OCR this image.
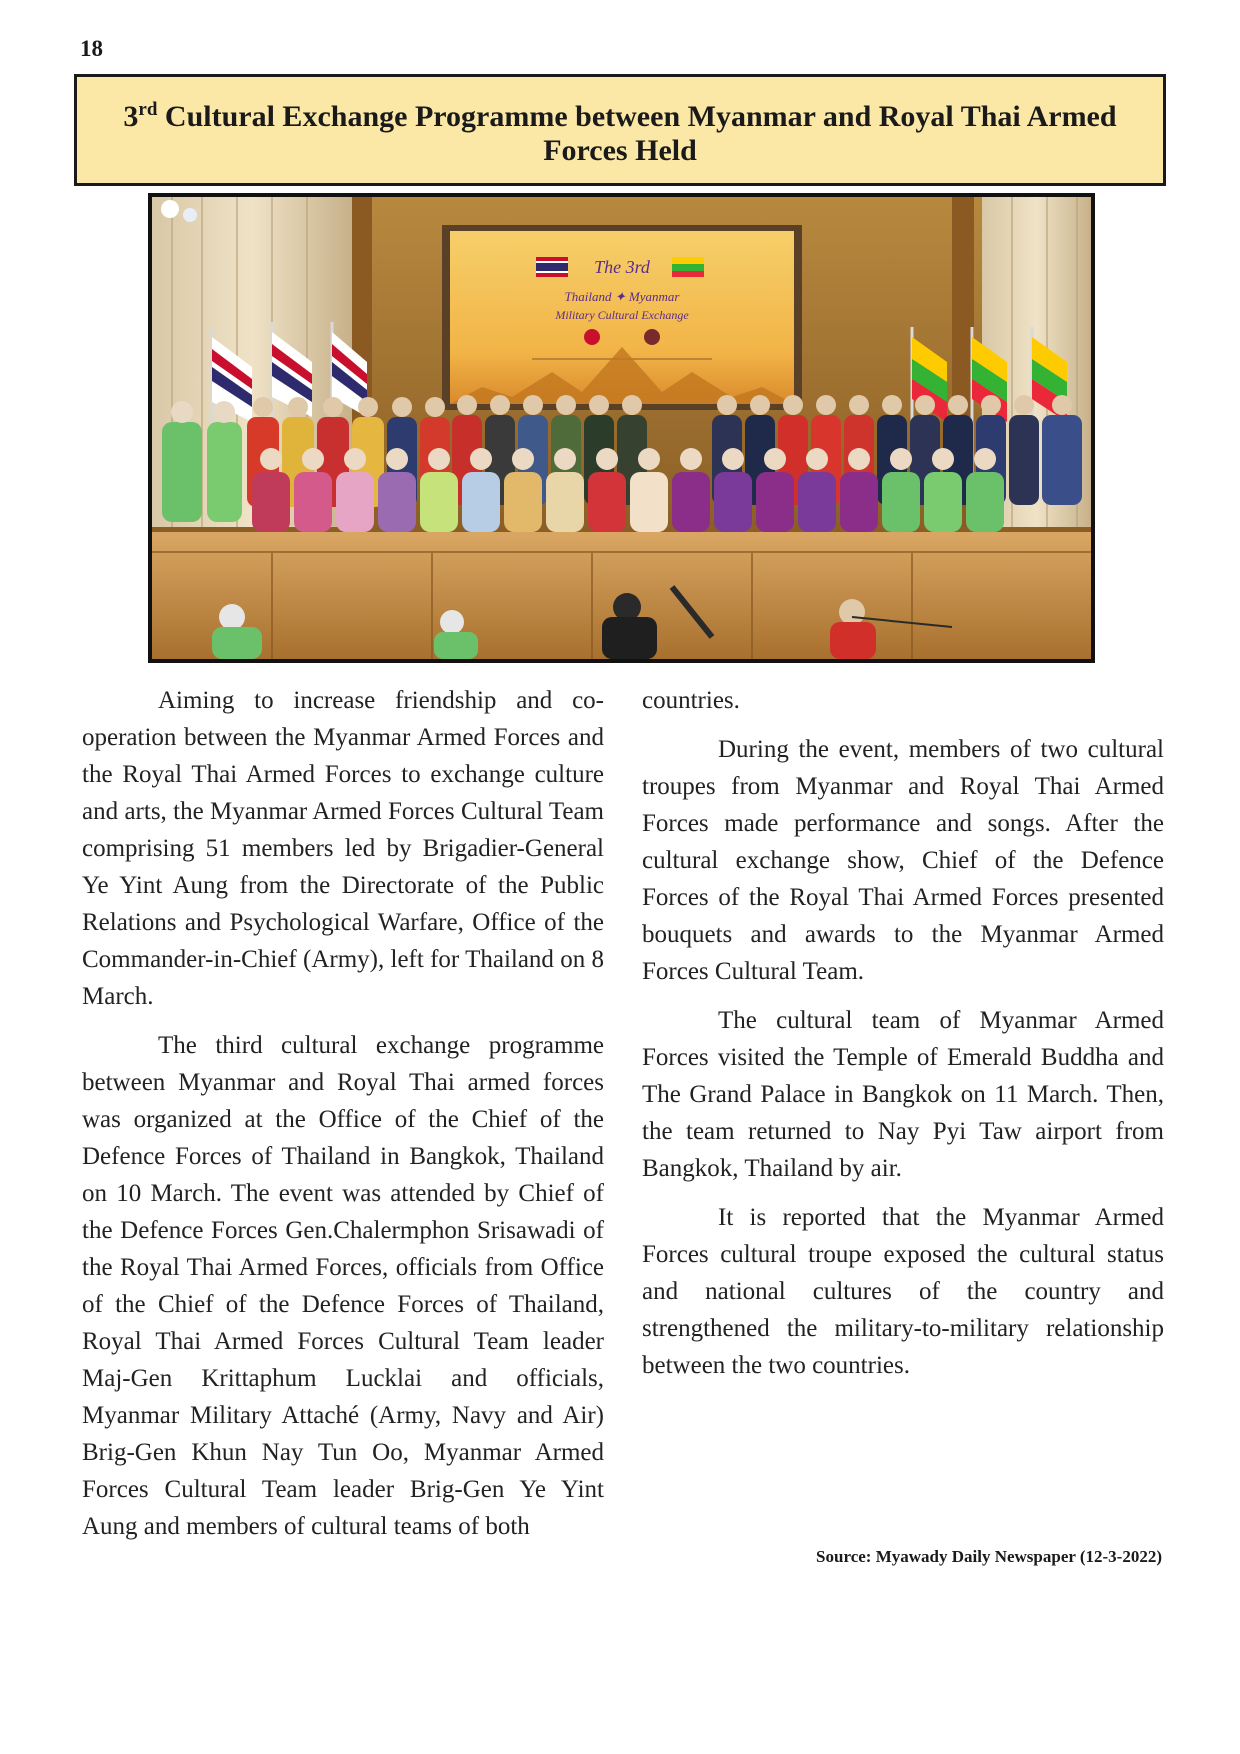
18
3rd Cultural Exchange Programme between Myanmar and Royal Thai Armed Forces Held
The 3rd
Thailand ✦ Myanmar
Military Cultural Exchange

Aiming to increase friendship and co-operation between the Myanmar Armed Forces and the Royal Thai Armed Forces to exchange culture and arts, the Myanmar Armed Forces Cultural Team comprising 51 members led by Brigadier-General Ye Yint Aung from the Directorate of the Public Relations and Psychological Warfare, Office of the Commander-in-Chief (Army), left for Thailand on 8 March.

The third cultural exchange programme between Myanmar and Royal Thai armed forces was organized at the Office of the Chief of the Defence Forces of Thailand in Bangkok, Thailand on 10 March. The event was attended by Chief of the Defence Forces Gen.Chalermphon Srisawadi of the Royal Thai Armed Forces, officials from Office of the Chief of the Defence Forces of Thailand, Royal Thai Armed Forces Cultural Team leader Maj-Gen Krittaphum Lucklai and officials, Myanmar Military Attaché (Army, Navy and Air) Brig-Gen Khun Nay Tun Oo, Myanmar Armed Forces Cultural Team leader Brig-Gen Ye Yint Aung and members of cultural teams of both

countries.

During the event, members of two cultural troupes from Myanmar and Royal Thai Armed Forces made performance and songs. After the cultural exchange show, Chief of the Defence Forces of the Royal Thai Armed Forces presented bouquets and awards to the Myanmar Armed Forces Cultural Team.

The cultural team of Myanmar Armed Forces visited the Temple of Emerald Buddha and The Grand Palace in Bangkok on 11 March. Then, the team returned to Nay Pyi Taw airport from Bangkok, Thailand by air.

It is reported that the Myanmar Armed Forces cultural troupe exposed the cultural status and national cultures of the country and strengthened the military-to-military relationship between the two countries.

Source: Myawady Daily Newspaper (12-3-2022)
